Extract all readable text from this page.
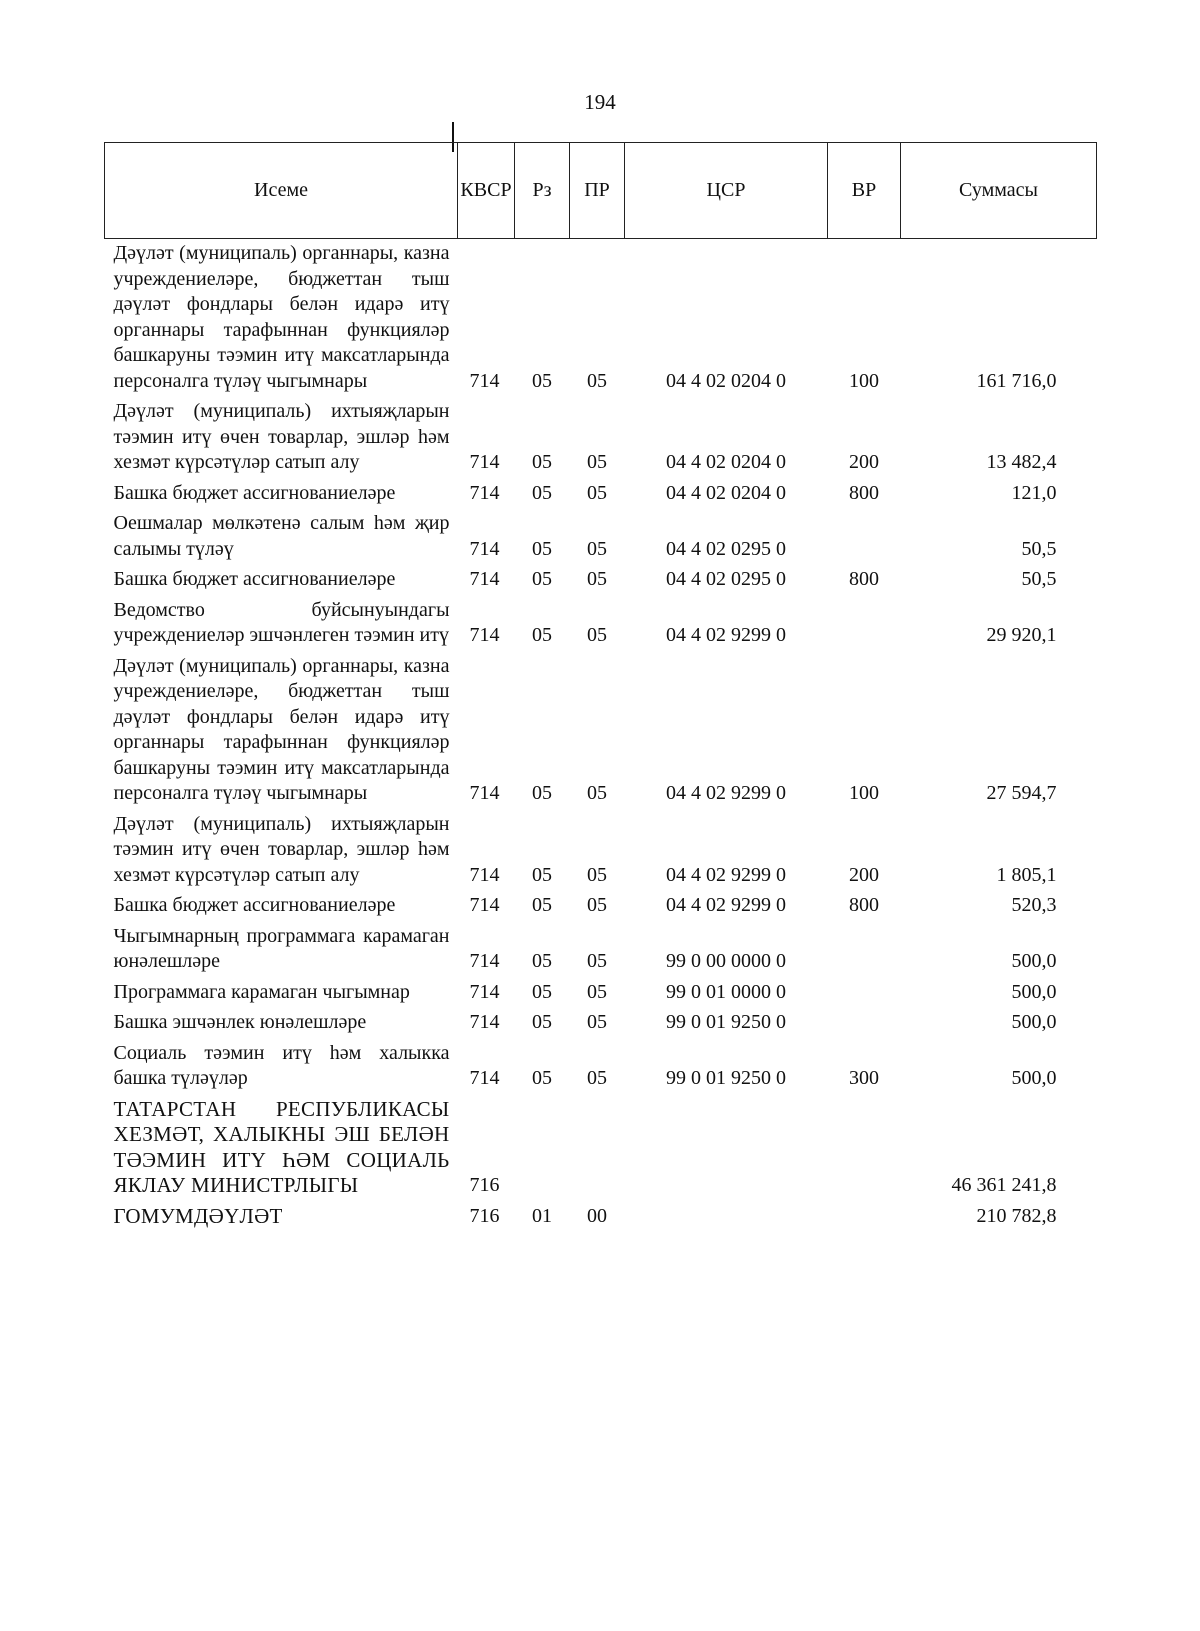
194
Исеме	КВСР	Рз	ПР	ЦСР	ВР	Суммасы
Дәүләт (муниципаль) органнары, казна учреждениеләре, бюджеттан тыш дәүләт фондлары белән идарә итү органнары тарафыннан функцияләр башкаруны тәэмин итү максатларында персоналга түләү чыгымнары	714	05	05	04 4 02 0204 0	100	161 716,0
Дәүләт (муниципаль) ихтыяҗларын тәэмин итү өчен товарлар, эшләр һәм хезмәт күрсәтүләр сатып алу	714	05	05	04 4 02 0204 0	200	13 482,4
Башка бюджет ассигнованиеләре	714	05	05	04 4 02 0204 0	800	121,0
Оешмалар мөлкәтенә салым һәм җир салымы түләү	714	05	05	04 4 02 0295 0		50,5
Башка бюджет ассигнованиеләре	714	05	05	04 4 02 0295 0	800	50,5
Ведомство буйсынуындагы учреждениеләр эшчәнлеген тәэмин итү	714	05	05	04 4 02 9299 0		29 920,1
Дәүләт (муниципаль) органнары, казна учреждениеләре, бюджеттан тыш дәүләт фондлары белән идарә итү органнары тарафыннан функцияләр башкаруны тәэмин итү максатларында персоналга түләү чыгымнары	714	05	05	04 4 02 9299 0	100	27 594,7
Дәүләт (муниципаль) ихтыяҗларын тәэмин итү өчен товарлар, эшләр һәм хезмәт күрсәтүләр сатып алу	714	05	05	04 4 02 9299 0	200	1 805,1
Башка бюджет ассигнованиеләре	714	05	05	04 4 02 9299 0	800	520,3
Чыгымнарның программага карамаган юнәлешләре	714	05	05	99 0 00 0000 0		500,0
Программага карамаган чыгымнар	714	05	05	99 0 01 0000 0		500,0
Башка эшчәнлек юнәлешләре	714	05	05	99 0 01 9250 0		500,0
Социаль тәэмин итү һәм халыкка башка түләүләр	714	05	05	99 0 01 9250 0	300	500,0
ТАТАРСТАН РЕСПУБЛИКАСЫ ХЕЗМӘТ, ХАЛЫКНЫ ЭШ БЕЛӘН ТӘЭМИН ИТҮ ҺӘМ СОЦИАЛЬ ЯКЛАУ МИНИСТРЛЫГЫ	716					46 361 241,8
ГОМУМДӘҮЛӘТ	716	01	00			210 782,8
